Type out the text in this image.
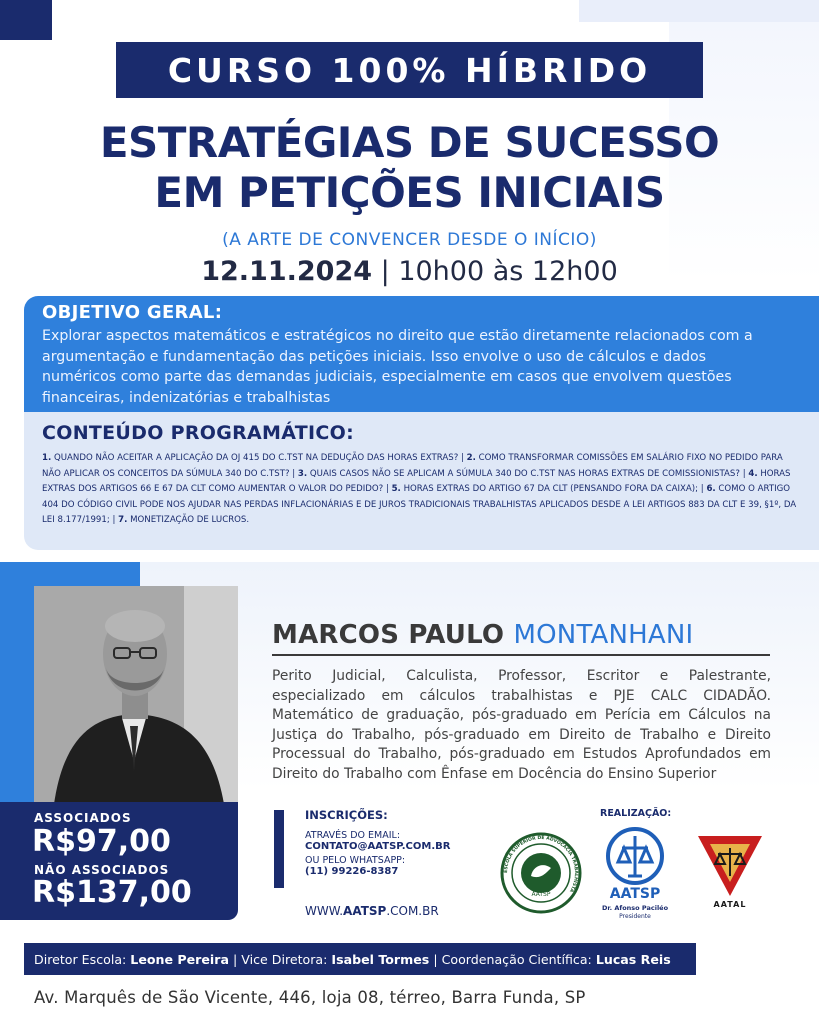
CURSO 100% HÍBRIDO
ESTRATÉGIAS DE SUCESSO
EM PETIÇÕES INICIAIS
(A ARTE DE CONVENCER DESDE O INÍCIO)
12.11.2024 | 10h00 às 12h00
OBJETIVO GERAL:
Explorar aspectos matemáticos e estratégicos no direito que estão diretamente relacionados com a argumentação e fundamentação das petições iniciais. Isso envolve o uso de cálculos e dados numéricos como parte das demandas judiciais, especialmente em casos que envolvem questões financeiras, indenizatórias e trabalhistas
CONTEÚDO PROGRAMÁTICO:
1. QUANDO NÃO ACEITAR A APLICAÇÃO DA OJ 415 DO C.TST NA DEDUÇÃO DAS HORAS EXTRAS? | 2. COMO TRANSFORMAR COMISSÕES EM SALÁRIO FIXO NO PEDIDO PARA NÃO APLICAR OS CONCEITOS DA SÚMULA 340 DO C.TST? | 3. QUAIS CASOS NÃO SE APLICAM A SÚMULA 340 DO C.TST NAS HORAS EXTRAS DE COMISSIONISTAS? | 4. HORAS EXTRAS DOS ARTIGOS 66 E 67 DA CLT COMO AUMENTAR O VALOR DO PEDIDO? | 5. HORAS EXTRAS DO ARTIGO 67 DA CLT (PENSANDO FORA DA CAIXA); | 6. COMO O ARTIGO 404 DO CÓDIGO CIVIL PODE NOS AJUDAR NAS PERDAS INFLACIONÁRIAS E DE JUROS TRADICIONAIS TRABALHISTAS APLICADOS DESDE A LEI ARTIGOS 883 DA CLT E 39, §1º, DA LEI 8.177/1991; | 7. MONETIZAÇÃO DE LUCROS.
ASSOCIADOS
R$97,00
NÃO ASSOCIADOS
R$137,00
MARCOS PAULO MONTANHANI
Perito Judicial, Calculista, Professor, Escritor e Palestrante, especializado em cálculos trabalhistas e PJE CALC CIDADÃO. Matemático de graduação, pós-graduado em Perícia em Cálculos na Justiça do Trabalho, pós-graduado em Direito de Trabalho e Direito Processual do Trabalho, pós-graduado em Estudos Aprofundados em Direito do Trabalho com Ênfase em Docência do Ensino Superior
INSCRIÇÕES:
ATRAVÉS DO EMAIL:
CONTATO@AATSP.COM.BR
OU PELO WHATSAPP:
(11) 99226-8387
WWW.AATSP.COM.BR
REALIZAÇÃO:
AATSP
ESCOLA SUPERIOR DE ADVOCACIA TRABALHISTA	AATSP
Dr. Afonso Paciléo
Presidente
AATAL
Diretor Escola:
Leone Pereira
|
Vice Diretora:
Isabel Tormes
|
Coordenação Científica:
Lucas Reis
Av. Marquês de São Vicente, 446, loja 08, térreo, Barra Funda, SP
